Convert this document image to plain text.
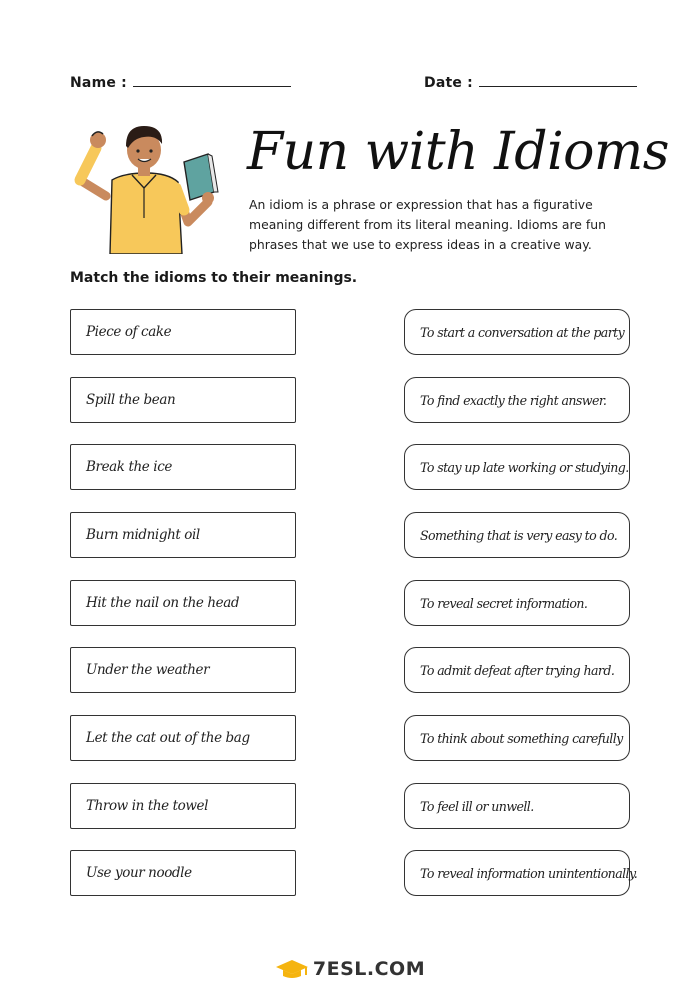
Name :	Date :
Fun with Idioms
An idiom is a phrase or expression that has a figurative meaning different from its literal meaning. Idioms are fun phrases that we use to express ideas in a creative way.
Match the idioms to their meanings.
Piece of cake
Spill the bean
Break the ice
Burn midnight oil
Hit the nail on the head
Under the weather
Let the cat out of the bag
Throw in the towel
Use your noodle
To start a conversation at the party
To find exactly the right answer.
To stay up late working or studying.
Something that is very easy to do.
To reveal secret information.
To admit defeat after trying hard.
To think about something carefully
To feel ill or unwell.
To reveal information unintentionally.
7ESL.COM
